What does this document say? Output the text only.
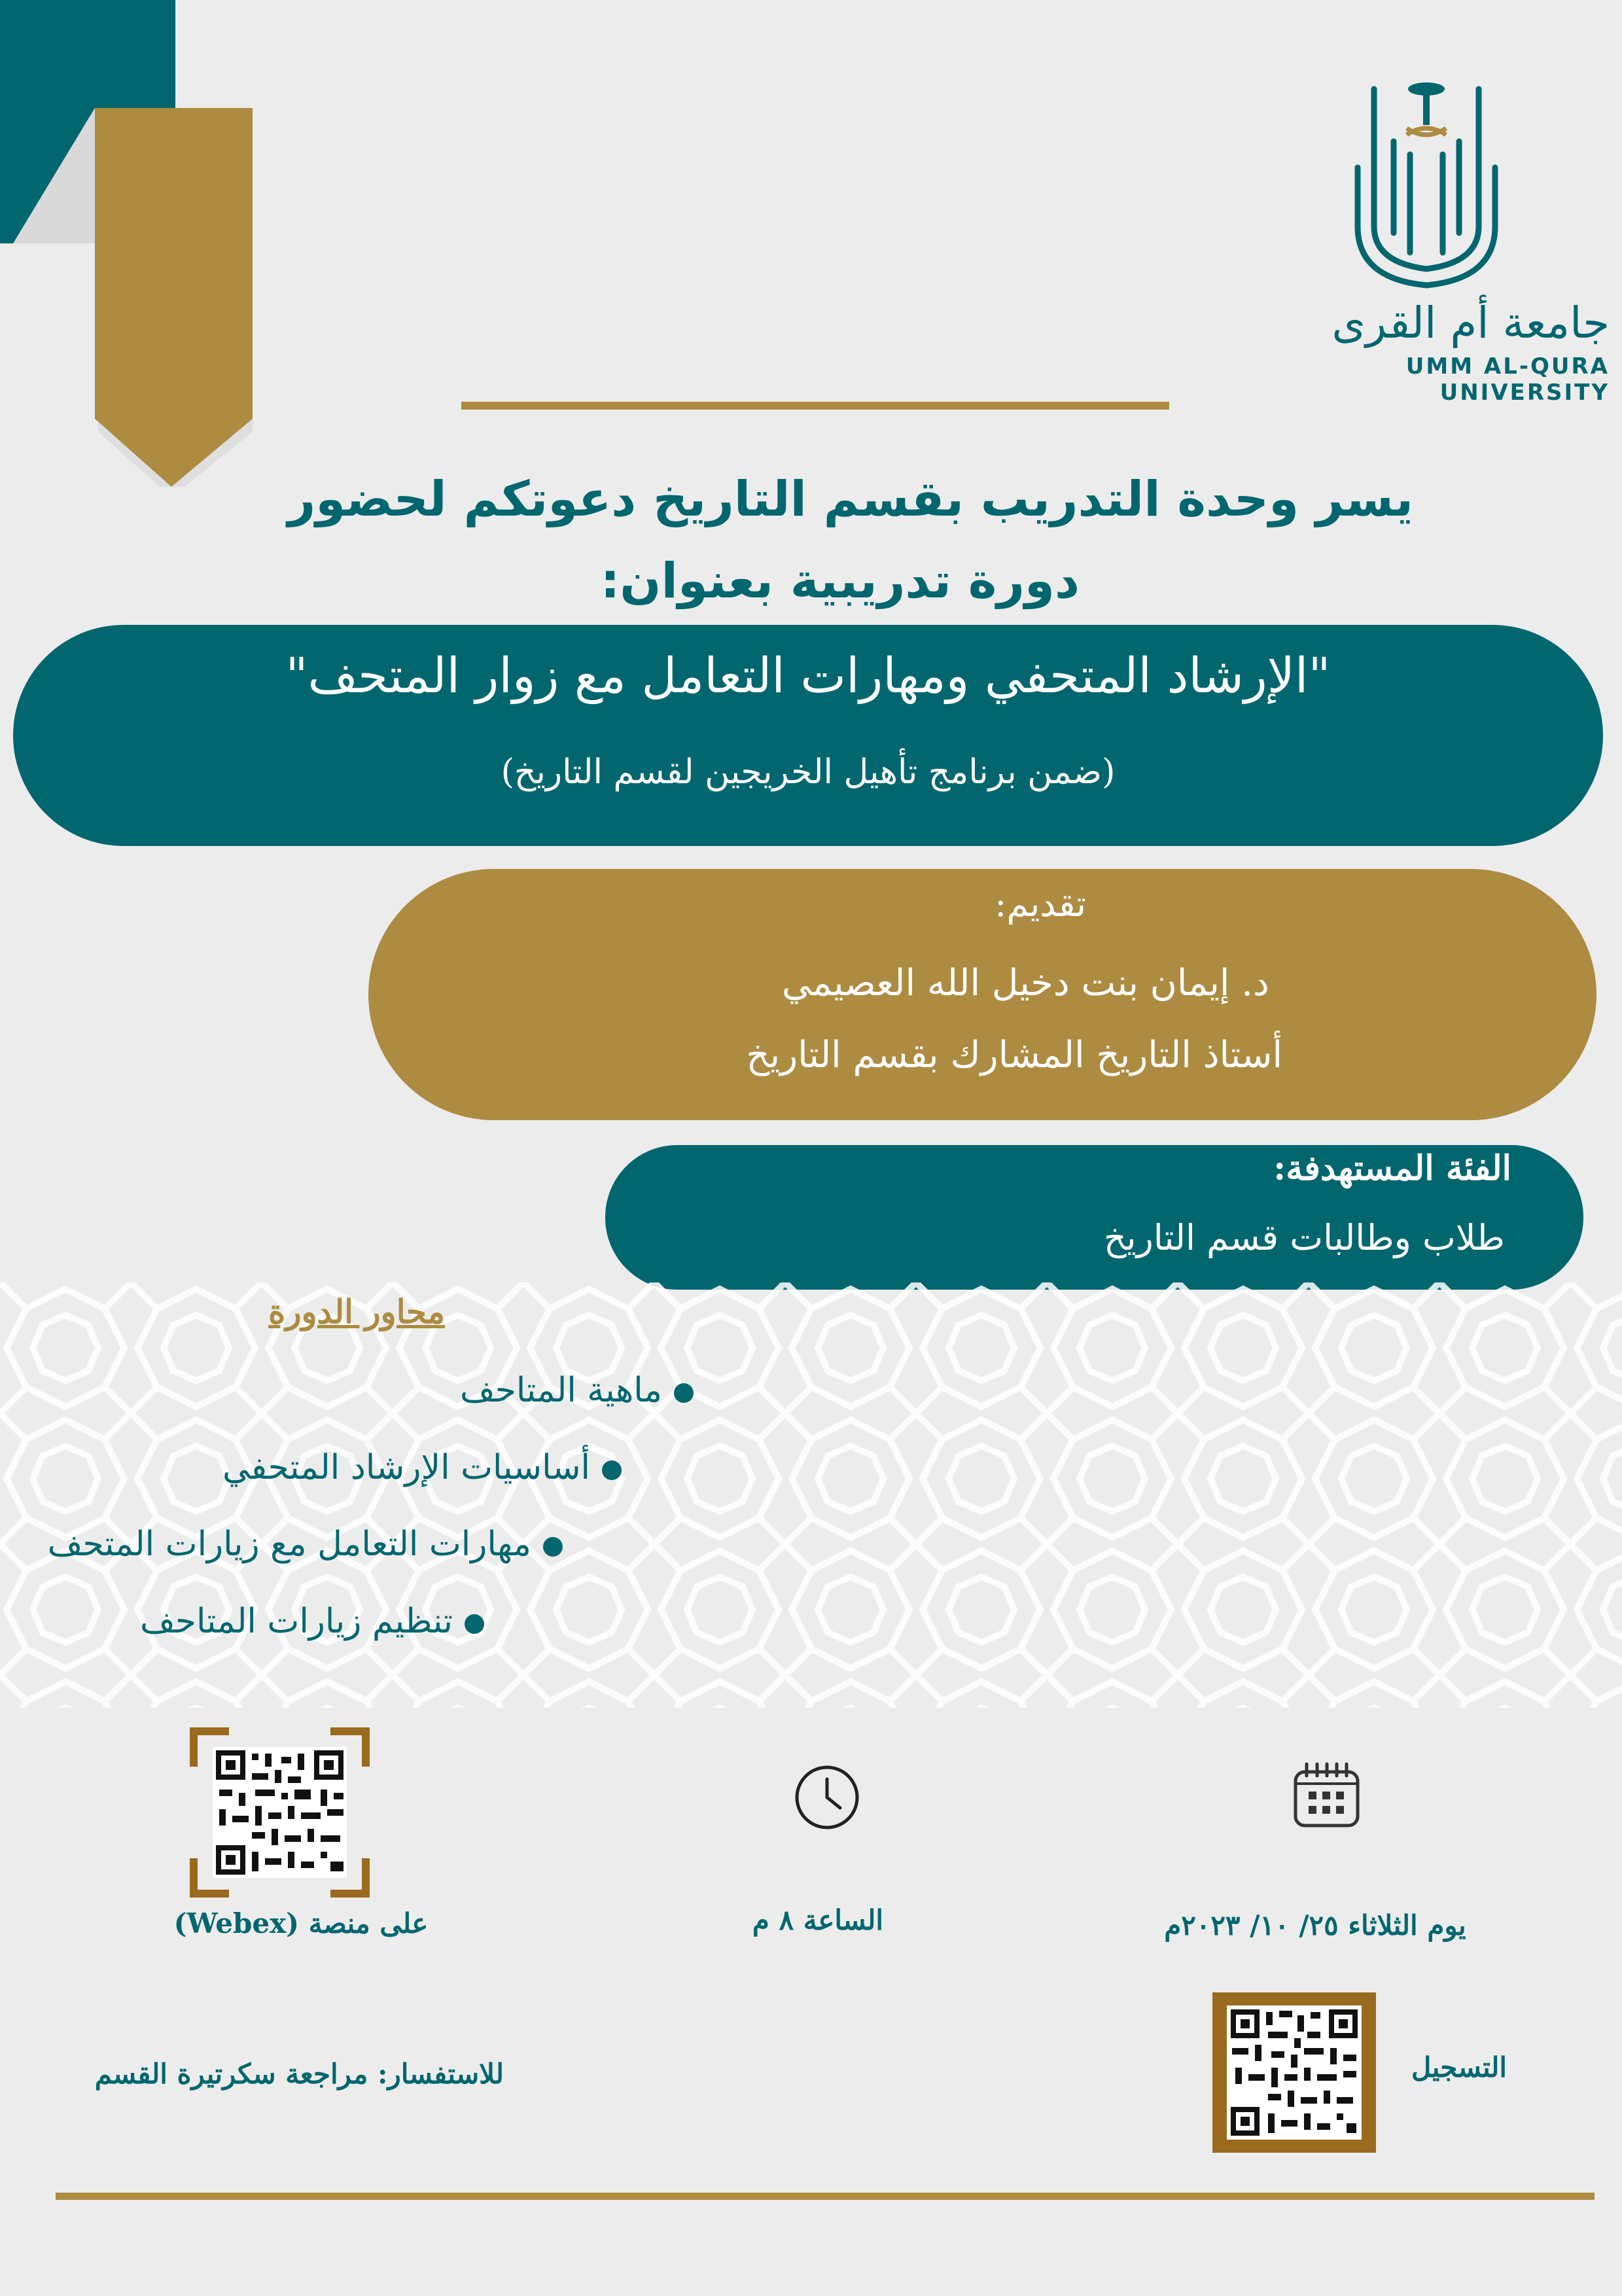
جامعة أم القرى
UMM AL-QURA UNIVERSITY
يسر وحدة التدريب بقسم التاريخ دعوتكم لحضور
دورة تدريبية بعنوان:
"الإرشاد المتحفي ومهارات التعامل مع زوار المتحف"
(ضمن برنامج تأهيل الخريجين لقسم التاريخ)
تقديم:
د. إيمان بنت دخيل الله العصيمي
أستاذ التاريخ المشارك بقسم التاريخ
الفئة المستهدفة:
طلاب وطالبات قسم التاريخ
محاور الدورة
ماهية المتاحف
أساسيات الإرشاد المتحفي
مهارات التعامل مع زيارات المتحف
تنظيم زيارات المتاحف
يوم الثلاثاء ٢٥/ ١٠/ ٢٠٢٣م
الساعة ٨ م
على منصة (Webex)
التسجيل
للاستفسار: مراجعة سكرتيرة القسم
